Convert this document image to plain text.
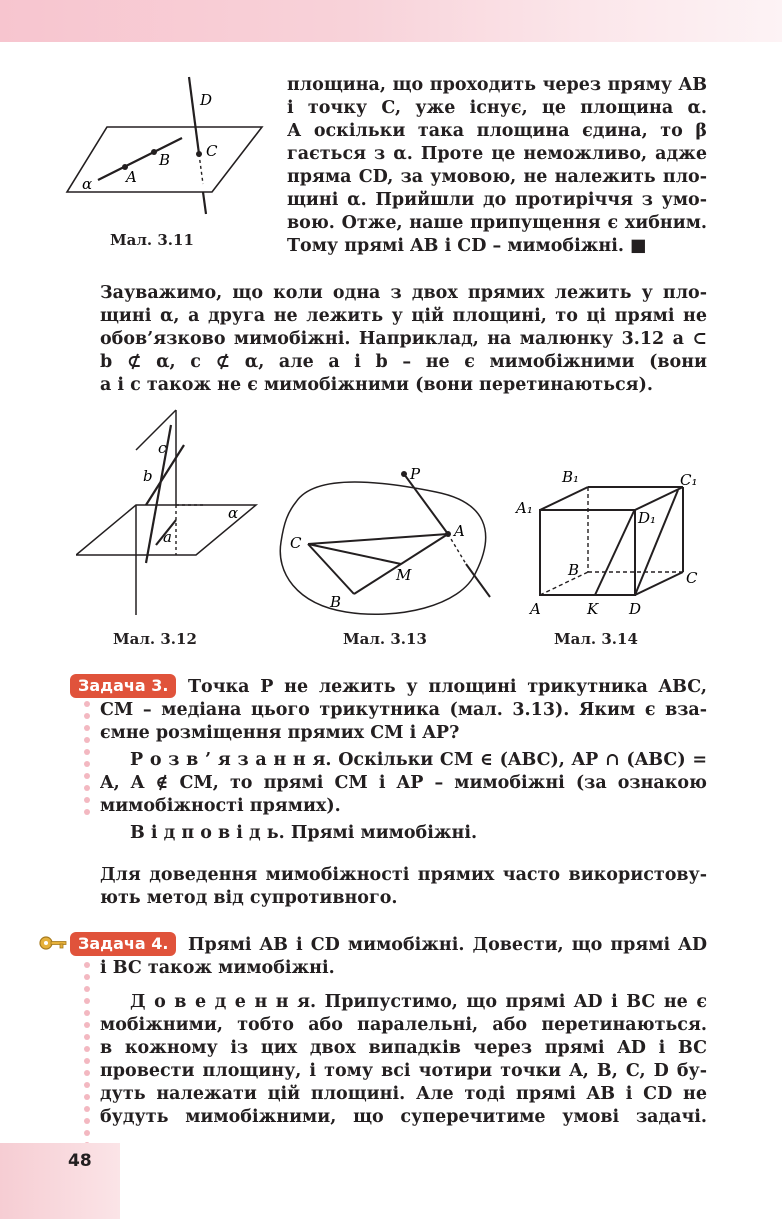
D
C
B
A
α
Мал. 3.11
площина, що проходить через пряму AB
і точку C, уже існує, це площина α.
А оскільки така площина єдина, то β
гається з α. Проте це неможливо, адже
пряма CD, за умовою, не належить пло-
щині α. Прийшли до протиріччя з умо-
вою. Отже, наше припущення є хибним.
Тому прямі AB і CD – мимобіжні. ■
Зауважимо, що коли одна з двох прямих лежить у пло-
щині α, а друга не лежить у цій площині, то ці прямі не
обов’язково мимобіжні. Наприклад, на малюнку 3.12 a ⊂
b ⊄ α, c ⊄ α, але a і b – не є мимобіжними (вони
a і c також не є мимобіжними (вони перетинаються).
c
b
a
α
Мал. 3.12
P
A
C
M
B
Мал. 3.13
B₁	C₁
A₁
D₁
B	C
A	K D
Мал. 3.14
Задача 3.	Точка P не лежить у площині трикутника ABC,
CM – медіана цього трикутника (мал. 3.13). Яким є вза-
ємне розміщення прямих CM і AP?
Р о з в ’ я з а н н я. Оскільки CM ∈ (ABC), AP ∩ (ABC) =
A, A ∉ CM, то прямі CM і AP – мимобіжні (за ознакою
мимобіжності прямих).
В і д п о в і д ь. Прямі мимобіжні.
Для доведення мимобіжності прямих часто використову-
ють метод від супротивного.
Задача 4.	Прямі AB і CD мимобіжні. Довести, що прямі AD
і BC також мимобіжні.
Д о в е д е н н я. Припустимо, що прямі AD і BC не є
мобіжними, тобто або паралельні, або перетинаються.
в кожному із цих двох випадків через прямі AD і BC
провести площину, і тому всі чотири точки A, B, C, D бу-
дуть належати цій площині. Але тоді прямі AB і CD не
будуть мимобіжними, що суперечитиме умові задачі.
48
